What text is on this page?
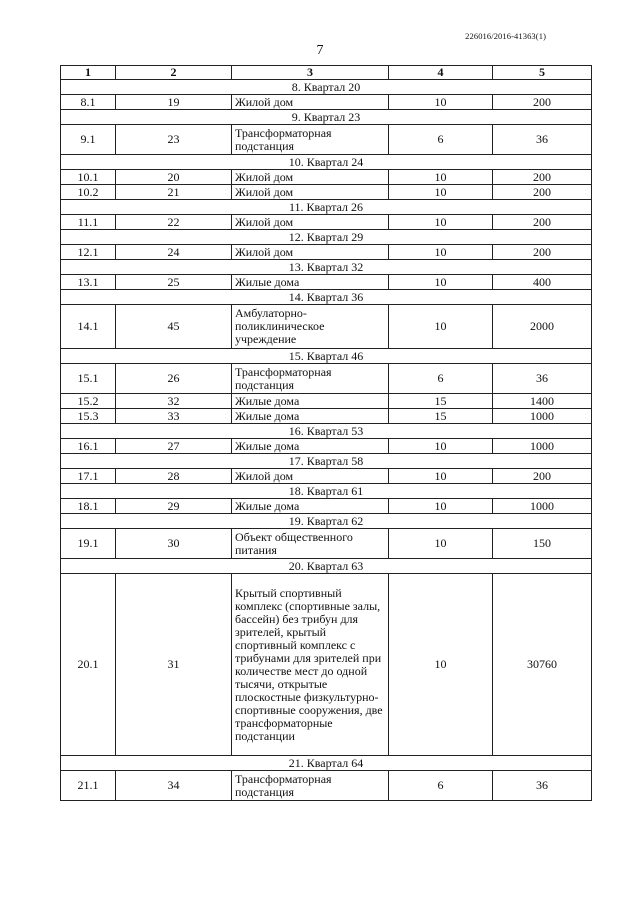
226016/2016-41363(1)
7
1	2	3	4	5
8. Квартал 20				
8.1	19	Жилой дом	10	200
9. Квартал 23				
9.1	23	Трансформаторная подстанция	6	36
10. Квартал 24				
10.1	20	Жилой дом	10	200
10.2	21	Жилой дом	10	200
11. Квартал 26				
11.1	22	Жилой дом	10	200
12. Квартал 29				
12.1	24	Жилой дом	10	200
13. Квартал 32				
13.1	25	Жилые дома	10	400
14. Квартал 36				
14.1	45	Амбулаторно-поликлиническое учреждение	10	2000
15. Квартал 46				
15.1	26	Трансформаторная подстанция	6	36
15.2	32	Жилые дома	15	1400
15.3	33	Жилые дома	15	1000
16. Квартал 53				
16.1	27	Жилые дома	10	1000
17. Квартал 58				
17.1	28	Жилой дом	10	200
18. Квартал 61				
18.1	29	Жилые дома	10	1000
19. Квартал 62				
19.1	30	Объект общественного питания	10	150
20. Квартал 63				
20.1	31	Крытый спортивный комплекс (спортивные залы, бассейн) без трибун для зрителей, крытый спортивный комплекс с трибунами для зрителей при количестве мест до одной тысячи, открытые плоскостные физкультурно-спортивные сооружения, две трансформаторные подстанции	10	30760
21. Квартал 64				
21.1	34	Трансформаторная подстанция	6	36
